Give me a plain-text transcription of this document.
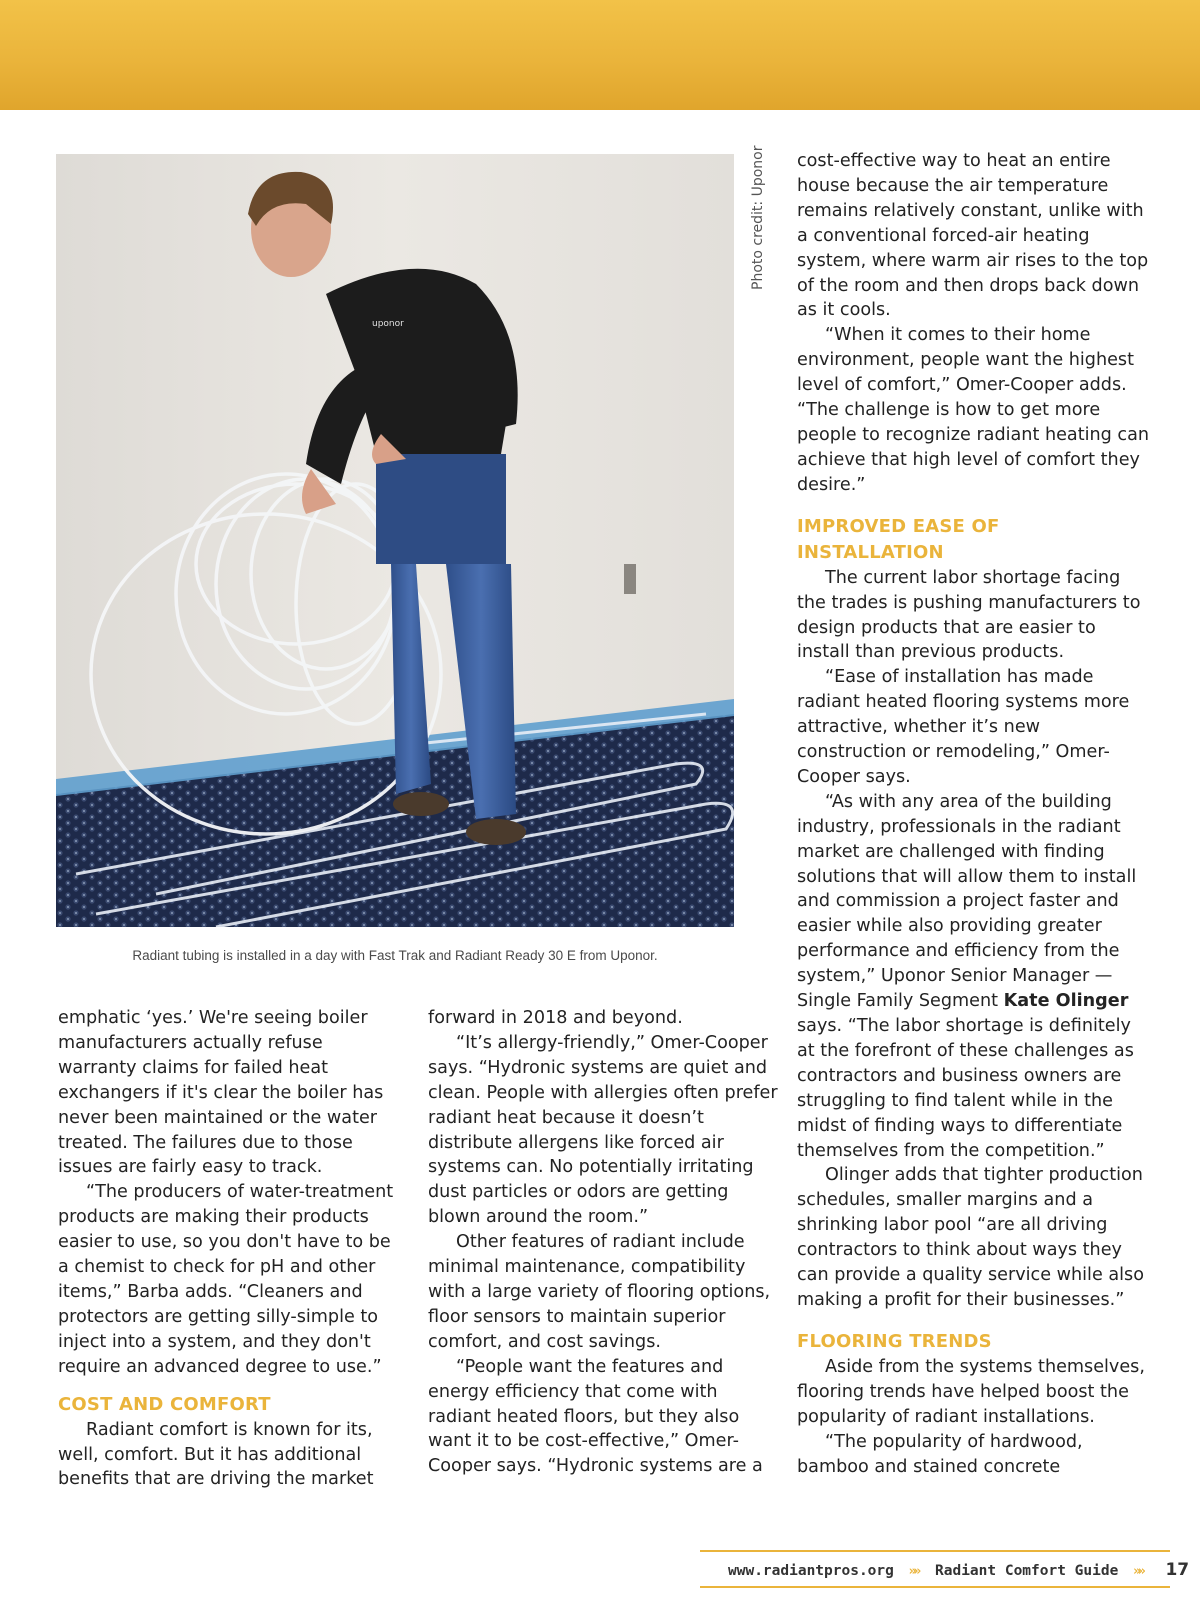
uponor
Photo credit: Uponor
Radiant tubing is installed in a day with Fast Trak and Radiant Ready 30 E from Uponor.

emphatic ‘yes.’ We're seeing boiler manufacturers actually refuse warranty claims for failed heat exchangers if it's clear the boiler has never been maintained or the water treated. The failures due to those issues are fairly easy to track.

“The producers of water-treatment products are making their products easier to use, so you don't have to be a chemist to check for pH and other items,” Barba adds. “Cleaners and protectors are getting silly-simple to inject into a system, and they don't require an advanced degree to use.”

COST AND COMFORT

Radiant comfort is known for its, well, comfort. But it has additional benefits that are driving the market

forward in 2018 and beyond.

“It’s allergy-friendly,” Omer-Cooper says. “Hydronic systems are quiet and clean. People with allergies often prefer radiant heat because it doesn’t distribute allergens like forced air systems can. No potentially irritating dust particles or odors are getting blown around the room.”

Other features of radiant include minimal maintenance, compatibility with a large variety of flooring options, floor sensors to maintain superior comfort, and cost savings.

“People want the features and energy efficiency that come with radiant heated floors, but they also want it to be cost-effective,” Omer-Cooper says. “Hydronic systems are a

cost-effective way to heat an entire house because the air temperature remains relatively constant, unlike with a conventional forced-air heating system, where warm air rises to the top of the room and then drops back down as it cools.

“When it comes to their home environment, people want the highest level of comfort,” Omer-Cooper adds. “The challenge is how to get more people to recognize radiant heating can achieve that high level of comfort they desire.”

IMPROVED EASE OF INSTALLATION

The current labor shortage facing the trades is pushing manufacturers to design products that are easier to install than previous products.

“Ease of installation has made radiant heated flooring systems more attractive, whether it’s new construction or remodeling,” Omer-Cooper says.

“As with any area of the building industry, professionals in the radiant market are challenged with finding solutions that will allow them to install and commission a project faster and easier while also providing greater performance and efficiency from the system,” Uponor Senior Manager — Single Family Segment Kate Olinger says. “The labor shortage is definitely at the forefront of these challenges as contractors and business owners are struggling to find talent while in the midst of finding ways to differentiate themselves from the competition.”

Olinger adds that tighter production schedules, smaller margins and a shrinking labor pool “are all driving contractors to think about ways they can provide a quality service while also making a profit for their businesses.”

FLOORING TRENDS

Aside from the systems themselves, flooring trends have helped boost the popularity of radiant installations.

“The popularity of hardwood, bamboo and stained concrete

www.radiantpros.org »» Radiant Comfort Guide »» 17
